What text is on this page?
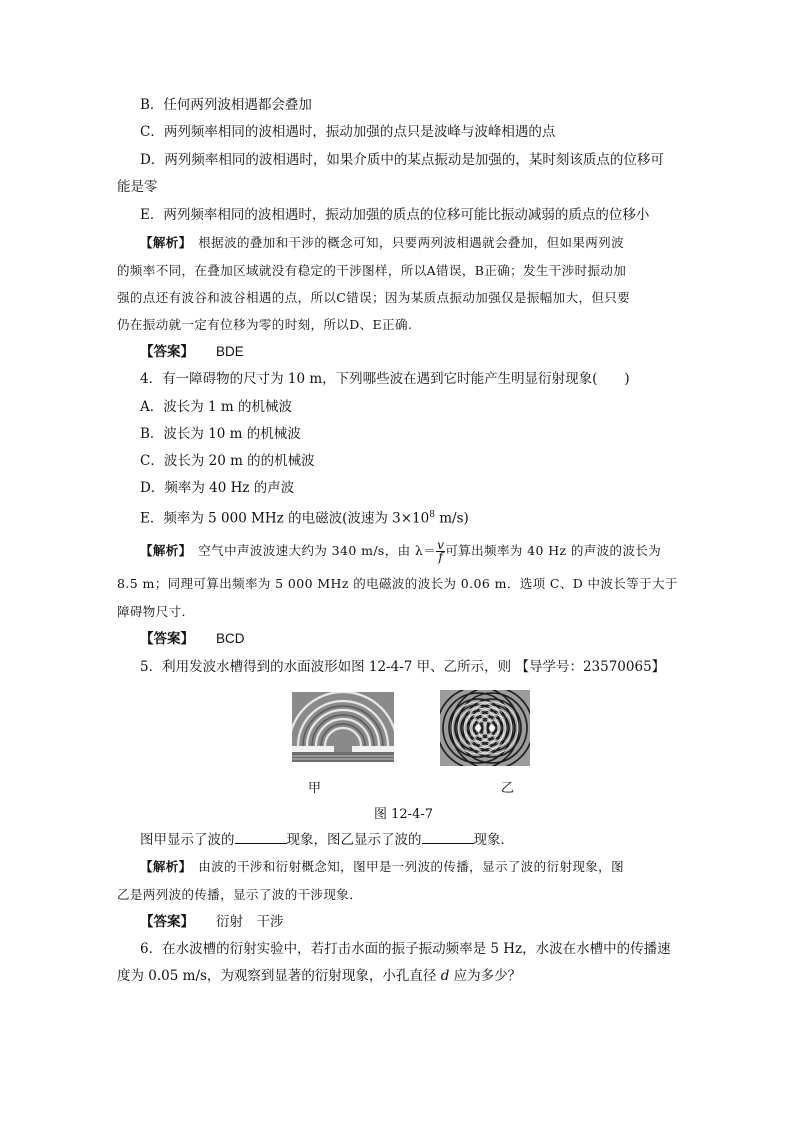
B．任何两列波相遇都会叠加
C．两列频率相同的波相遇时，振动加强的点只是波峰与波峰相遇的点
D．两列频率相同的波相遇时，如果介质中的某点振动是加强的，某时刻该质点的位移可
能是零
E．两列频率相同的波相遇时，振动加强的质点的位移可能比振动减弱的质点的位移小
【解析】　 根据波的叠加和干涉的概念可知，只要两列波相遇就会叠加，但如果两列波
的频率不同，在叠加区域就没有稳定的干涉图样，所以A错误，B正确；发生干涉时振动加
强的点还有波谷和波谷相遇的点，所以C错误；因为某质点振动加强仅是振幅加大，但只要
仍在振动就一定有位移为零的时刻，所以D、E正确.
【答案】 BDE
4．有一障碍物的尺寸为 10 m，下列哪些波在遇到它时能产生明显衍射现象(　　)
A．波长为 1 m 的机械波
B．波长为 10 m 的机械波
C．波长为 20 m 的的机械波
D．频率为 40 Hz 的声波
E．频率为 5 000 MHz 的电磁波(波速为 $3\times 10^8$ m/s)
【解析】　 空气中声波波速大约为 340 m/s，由 $\lambda= \frac{v}{f}$ 可算出频率为 40 Hz 的声波的波长为
8.5 m；同理可算出频率为 5 000 MHz 的电磁波的波长为 0.06 m．选项 C、D 中波长等于大于
障碍物尺寸．
【答案】 BCD
5．利用发波水槽得到的水面波形如图 12-4-7 甲、乙所示，则 【导学号：23570065】
甲	乙
图 12-4-7
图甲显示了波的	现象，图乙显示了波的	现象．
【解析】　 由波的干涉和衍射概念知，图甲是一列波的传播，显示了波的衍射现象，图
乙是两列波的传播，显示了波的干涉现象．
【答案】 衍射　干涉
6．在水波槽的衍射实验中，若打击水面的振子振动频率是 5 Hz，水波在水槽中的传播速
度为 0.05 m/s，为观察到显著的衍射现象，小孔直径 d 应为多少？
